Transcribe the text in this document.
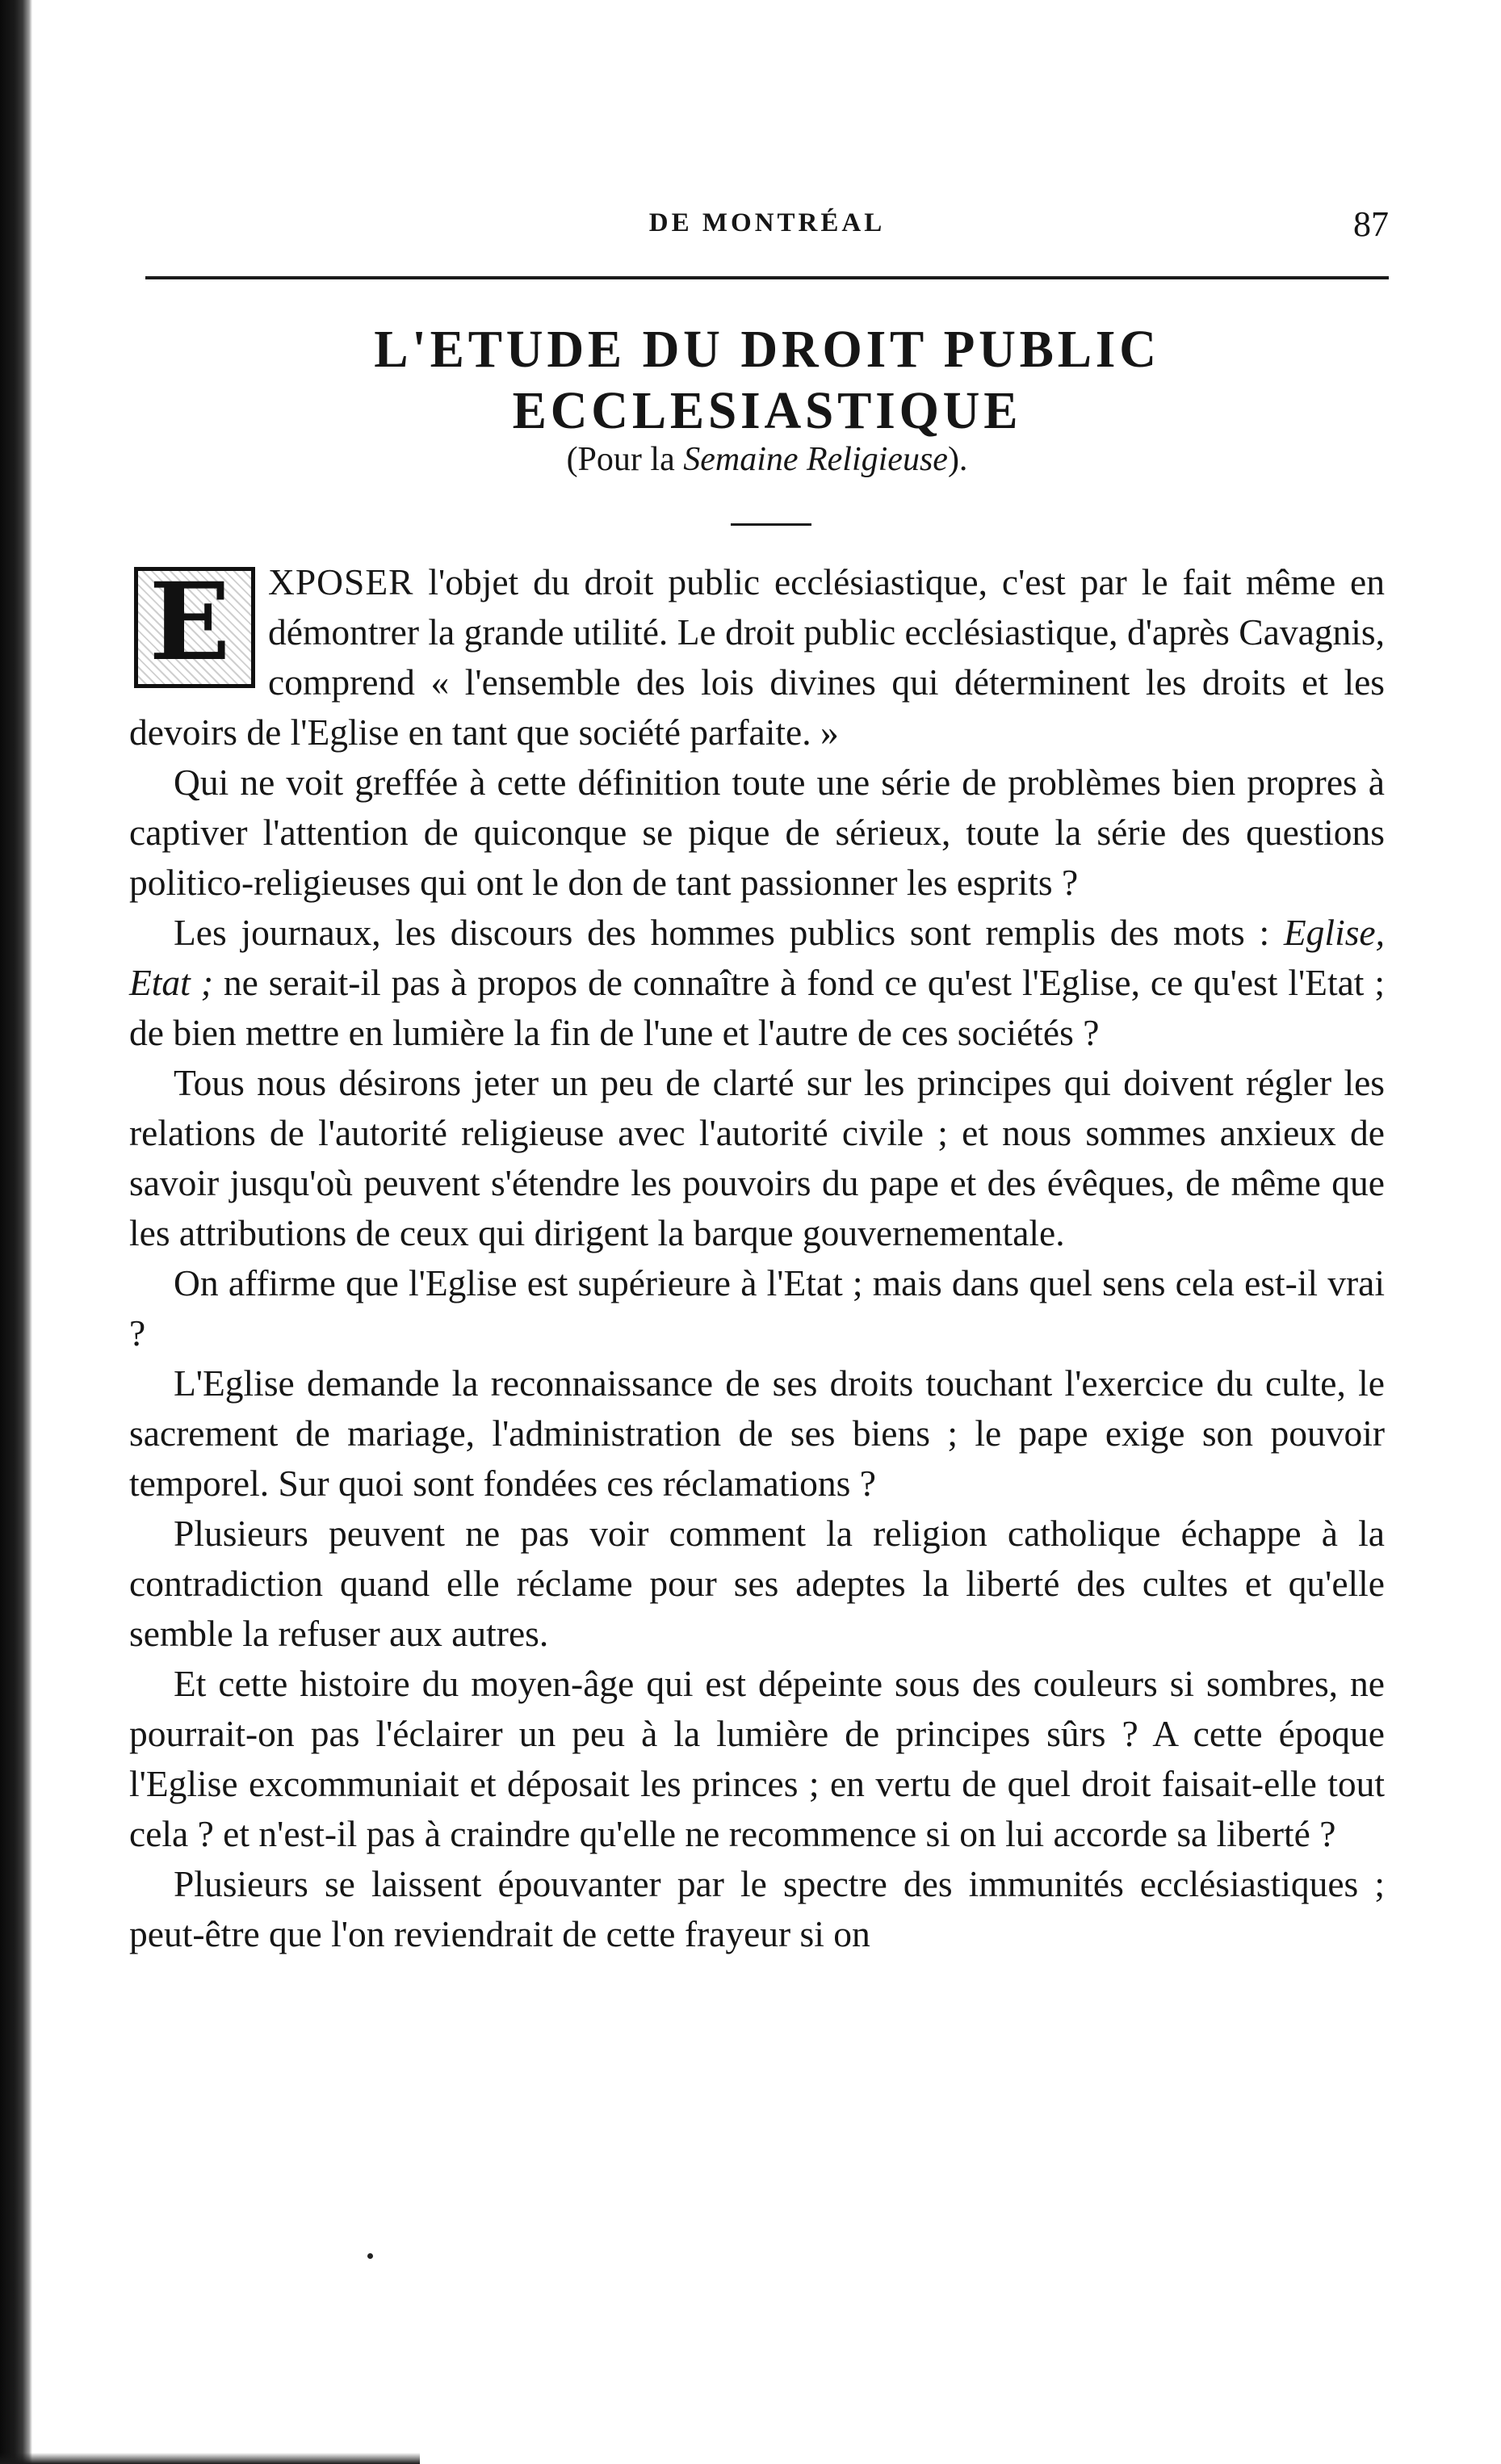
DE MONTRÉAL	87
L'ETUDE DU DROIT PUBLIC ECCLESIASTIQUE
(Pour la Semaine Religieuse).

E	XPOSER l'objet du droit public ecclésiastique, c'est par le fait même en démontrer la grande utilité. Le droit public ecclésiastique, d'après Cavagnis, comprend « l'ensemble des lois divines qui déterminent les droits et les devoirs de l'Eglise en tant que société parfaite. »

Qui ne voit greffée à cette définition toute une série de problèmes bien propres à captiver l'attention de quiconque se pique de sérieux, toute la série des questions politico-religieuses qui ont le don de tant passionner les esprits ?

Les journaux, les discours des hommes publics sont remplis des mots : Eglise, Etat ; ne serait-il pas à propos de connaître à fond ce qu'est l'Eglise, ce qu'est l'Etat ; de bien mettre en lumière la fin de l'une et l'autre de ces sociétés ?

Tous nous désirons jeter un peu de clarté sur les principes qui doivent régler les relations de l'autorité religieuse avec l'autorité civile ; et nous sommes anxieux de savoir jusqu'où peuvent s'étendre les pouvoirs du pape et des évêques, de même que les attributions de ceux qui dirigent la barque gouvernementale.

On affirme que l'Eglise est supérieure à l'Etat ; mais dans quel sens cela est-il vrai ?

L'Eglise demande la reconnaissance de ses droits touchant l'exercice du culte, le sacrement de mariage, l'administration de ses biens ; le pape exige son pouvoir temporel. Sur quoi sont fondées ces réclamations ?

Plusieurs peuvent ne pas voir comment la religion catholique échappe à la contradiction quand elle réclame pour ses adeptes la liberté des cultes et qu'elle semble la refuser aux autres.

Et cette histoire du moyen-âge qui est dépeinte sous des couleurs si sombres, ne pourrait-on pas l'éclairer un peu à la lumière de principes sûrs ? A cette époque l'Eglise excommuniait et déposait les princes ; en vertu de quel droit faisait-elle tout cela ? et n'est-il pas à craindre qu'elle ne recommence si on lui accorde sa liberté ?

Plusieurs se laissent épouvanter par le spectre des immunités ecclésiastiques ; peut-être que l'on reviendrait de cette frayeur si on
